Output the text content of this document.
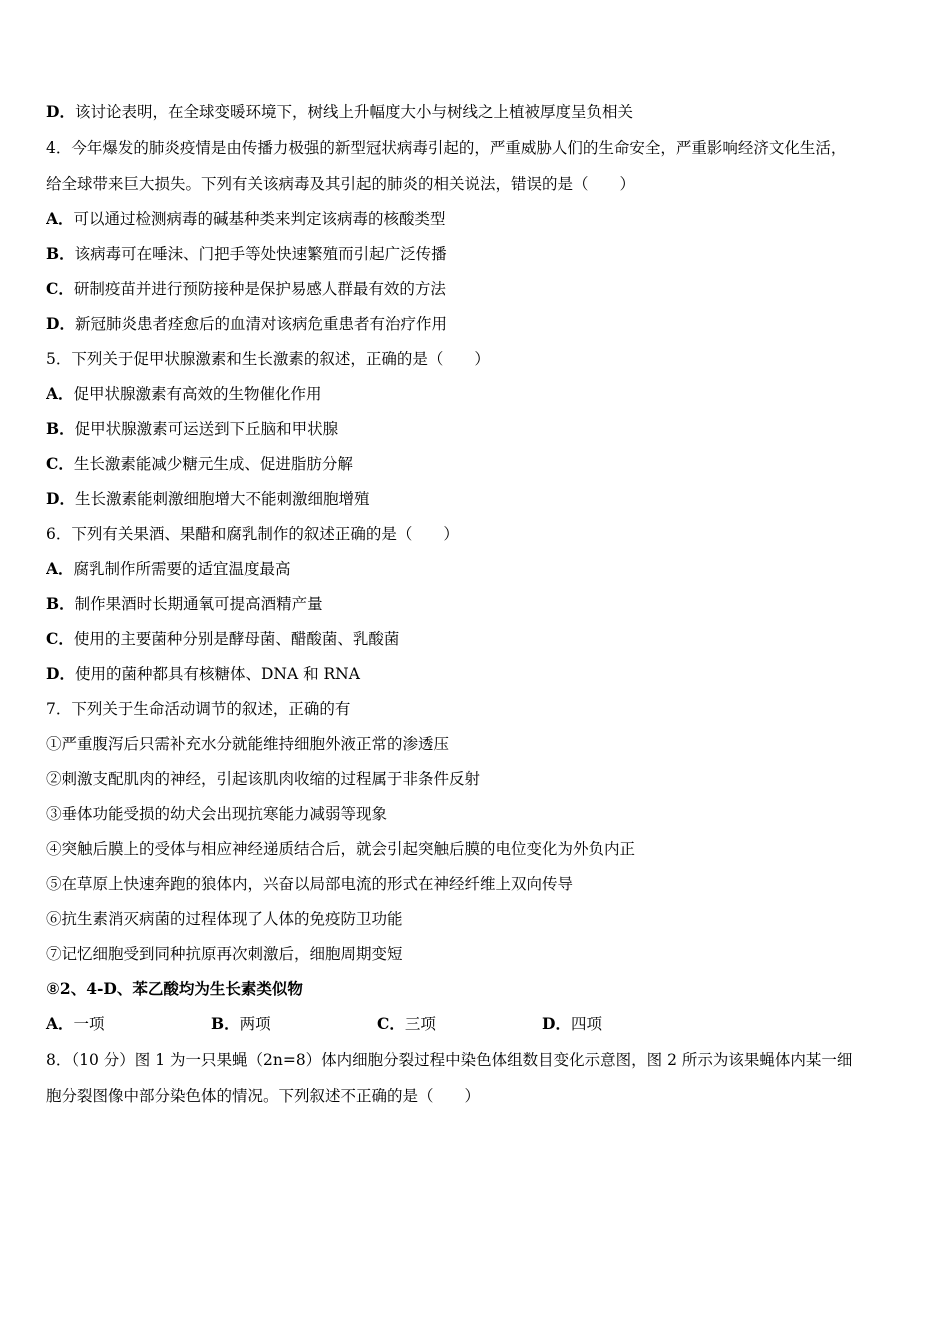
D．该讨论表明，在全球变暖环境下，树线上升幅度大小与树线之上植被厚度呈负相关
4．今年爆发的肺炎疫情是由传播力极强的新型冠状病毒引起的，严重威胁人们的生命安全，严重影响经济文化生活，
给全球带来巨大损失。下列有关该病毒及其引起的肺炎的相关说法，错误的是（　　）
A．可以通过检测病毒的碱基种类来判定该病毒的核酸类型
B．该病毒可在唾沫、门把手等处快速繁殖而引起广泛传播
C．研制疫苗并进行预防接种是保护易感人群最有效的方法
D．新冠肺炎患者痊愈后的血清对该病危重患者有治疗作用
5．下列关于促甲状腺激素和生长激素的叙述，正确的是（　　）
A．促甲状腺激素有高效的生物催化作用
B．促甲状腺激素可运送到下丘脑和甲状腺
C．生长激素能减少糖元生成、促进脂肪分解
D．生长激素能刺激细胞增大不能刺激细胞增殖
6．下列有关果酒、果醋和腐乳制作的叙述正确的是（　　）
A．腐乳制作所需要的适宜温度最高
B．制作果酒时长期通氧可提高酒精产量
C．使用的主要菌种分别是酵母菌、醋酸菌、乳酸菌
D．使用的菌种都具有核糖体、DNA 和 RNA
7．下列关于生命活动调节的叙述，正确的有
①严重腹泻后只需补充水分就能维持细胞外液正常的渗透压
②刺激支配肌肉的神经，引起该肌肉收缩的过程属于非条件反射
③垂体功能受损的幼犬会出现抗寒能力减弱等现象
④突触后膜上的受体与相应神经递质结合后，就会引起突触后膜的电位变化为外负内正
⑤在草原上快速奔跑的狼体内，兴奋以局部电流的形式在神经纤维上双向传导
⑥抗生素消灭病菌的过程体现了人体的免疫防卫功能
⑦记忆细胞受到同种抗原再次刺激后，细胞周期变短
⑧2、4-D、苯乙酸均为生长素类似物
A．一项	B．两项	C．三项	D．四项
8．（10 分）图 1 为一只果蝇（2n=8）体内细胞分裂过程中染色体组数目变化示意图，图 2 所示为该果蝇体内某一细
胞分裂图像中部分染色体的情况。下列叙述不正确的是（　　）
